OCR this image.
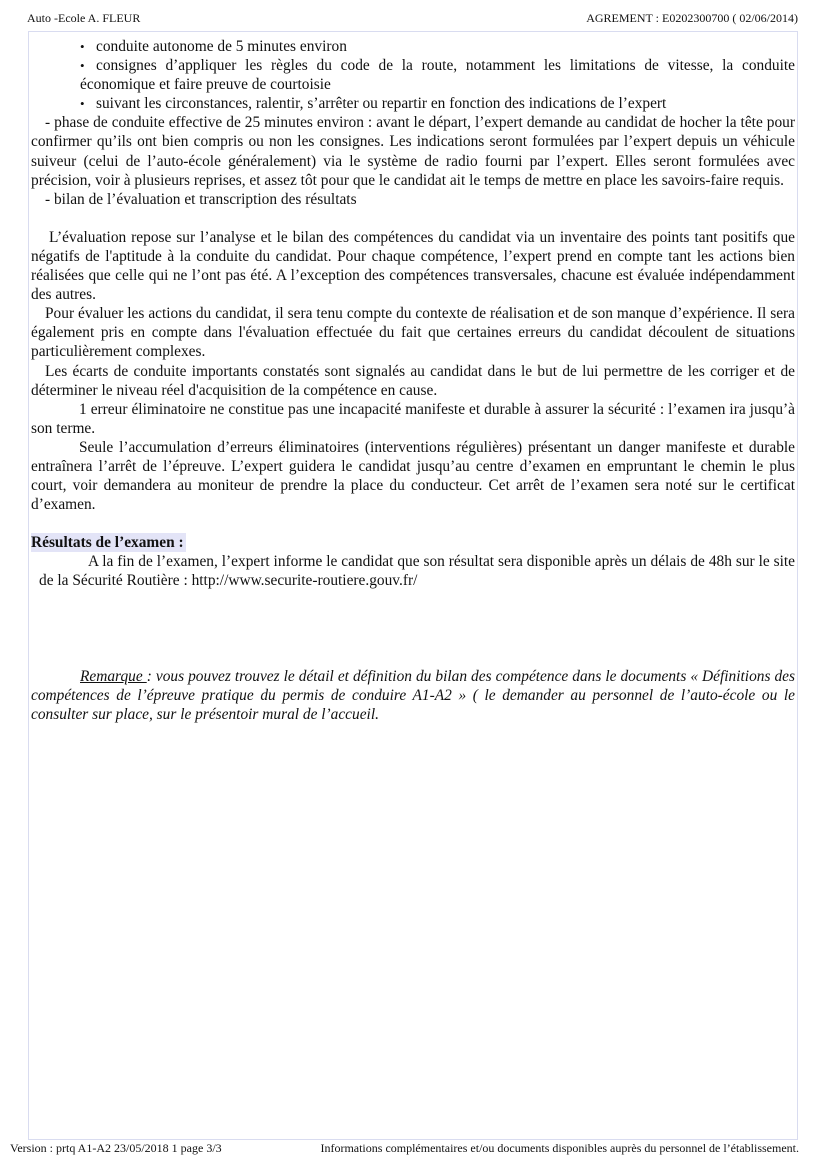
Auto -Ecole A. FLEUR	AGREMENT : E0202300700 ( 02/06/2014)

• conduite autonome de 5 minutes environ

• consignes d’appliquer les règles du code de la route, notamment les limitations de vitesse, la conduite économique et faire preuve de courtoisie

• suivant les circonstances, ralentir, s’arrêter ou repartir en fonction des indications de l’expert

- phase de conduite effective de 25 minutes environ : avant le départ, l’expert demande au candidat de hocher la tête pour confirmer qu’ils ont bien compris ou non les consignes. Les indications seront formulées par l’expert depuis un véhicule suiveur (celui de l’auto-école généralement) via le système de radio fourni par l’expert. Elles seront formulées avec précision, voir à plusieurs reprises, et assez tôt pour que le candidat ait le temps de mettre en place les savoirs-faire requis.

- bilan de l’évaluation et transcription des résultats

L’évaluation repose sur l’analyse et le bilan des compétences du candidat via un inventaire des points tant positifs que négatifs de l'aptitude à la conduite du candidat. Pour chaque compétence, l’expert prend en compte tant les actions bien réalisées que celle qui ne l’ont pas été. A l’exception des compétences transversales, chacune est évaluée indépendamment des autres.

Pour évaluer les actions du candidat, il sera tenu compte du contexte de réalisation et de son manque d’expérience. Il sera également pris en compte dans l'évaluation effectuée du fait que certaines erreurs du candidat découlent de situations particulièrement complexes.

Les écarts de conduite importants constatés sont signalés au candidat dans le but de lui permettre de les corriger et de déterminer le niveau réel d'acquisition de la compétence en cause.

1 erreur éliminatoire ne constitue pas une incapacité manifeste et durable à assurer la sécurité : l’examen ira jusqu’à son terme.

Seule l’accumulation d’erreurs éliminatoires (interventions régulières) présentant un danger manifeste et durable entraînera l’arrêt de l’épreuve. L’expert guidera le candidat jusqu’au centre d’examen en empruntant le chemin le plus court, voir demandera au moniteur de prendre la place du conducteur. Cet arrêt de l’examen sera noté sur le certificat d’examen.

Résultats de l’examen :

A la fin de l’examen, l’expert informe le candidat que son résultat sera disponible après un délais de 48h sur le site de la Sécurité Routière : http://www.securite-routiere.gouv.fr/

Remarque : vous pouvez trouvez le détail et définition du bilan des compétence dans le documents « Définitions des compétences de l’épreuve pratique du permis de conduire A1-A2 » ( le demander au personnel de l’auto-école ou le consulter sur place, sur le présentoir mural de l’accueil.

Version : prtq A1-A2 23/05/2018 1 page 3/3	Informations complémentaires et/ou documents disponibles auprès du personnel de l’établissement.
